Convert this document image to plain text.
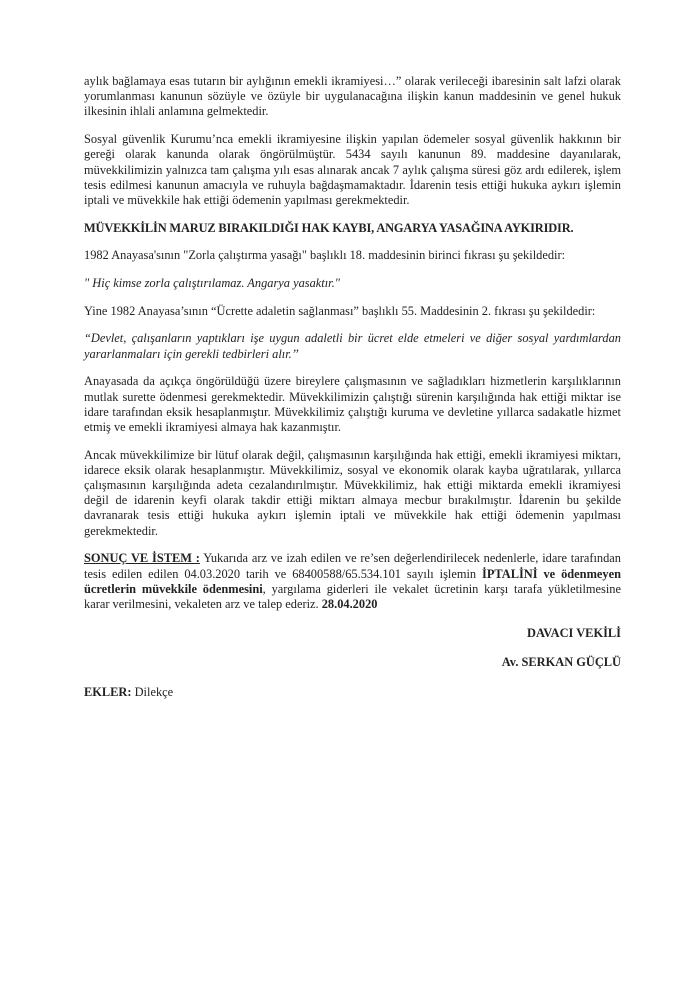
aylık bağlamaya esas tutarın bir aylığının emekli ikramiyesi…” olarak verileceği ibaresinin salt lafzi olarak yorumlanması kanunun sözüyle ve özüyle bir uygulanacağına ilişkin kanun maddesinin ve genel hukuk ilkesinin ihlali anlamına gelmektedir.

Sosyal güvenlik Kurumu’nca emekli ikramiyesine ilişkin yapılan ödemeler sosyal güvenlik hakkının bir gereği olarak kanunda olarak öngörülmüştür. 5434 sayılı kanunun 89. maddesine dayanılarak, müvekkilimizin yalnızca tam çalışma yılı esas alınarak ancak 7 aylık çalışma süresi göz ardı edilerek, işlem tesis edilmesi kanunun amacıyla ve ruhuyla bağdaşmamaktadır. İdarenin tesis ettiği hukuka aykırı işlemin iptali ve müvekkile hak ettiği ödemenin yapılması gerekmektedir.

MÜVEKKİLİN MARUZ BIRAKILDIĞI HAK KAYBI, ANGARYA YASAĞINA AYKIRIDIR.

1982 Anayasa'sının "Zorla çalıştırma yasağı" başlıklı 18. maddesinin birinci fıkrası şu şekildedir:

" Hiç kimse zorla çalıştırılamaz. Angarya yasaktır."

Yine 1982 Anayasa’sının “Ücrette adaletin sağlanması” başlıklı 55. Maddesinin 2. fıkrası şu şekildedir:

“Devlet, çalışanların yaptıkları işe uygun adaletli bir ücret elde etmeleri ve diğer sosyal yardımlardan yararlanmaları için gerekli tedbirleri alır.’’

Anayasada da açıkça öngörüldüğü üzere bireylere çalışmasının ve sağladıkları hizmetlerin karşılıklarının mutlak surette ödenmesi gerekmektedir. Müvekkilimizin çalıştığı sürenin karşılığında hak ettiği miktar ise idare tarafından eksik hesaplanmıştır. Müvekkilimiz çalıştığı kuruma ve devletine yıllarca sadakatle hizmet etmiş ve emekli ikramiyesi almaya hak kazanmıştır.

Ancak müvekkilimize bir lütuf olarak değil, çalışmasının karşılığında hak ettiği, emekli ikramiyesi miktarı, idarece eksik olarak hesaplanmıştır. Müvekkilimiz, sosyal ve ekonomik olarak kayba uğratılarak, yıllarca çalışmasının karşılığında adeta cezalandırılmıştır. Müvekkilimiz, hak ettiği miktarda emekli ikramiyesi değil de idarenin keyfi olarak takdir ettiği miktarı almaya mecbur bırakılmıştır. İdarenin bu şekilde davranarak tesis ettiği hukuka aykırı işlemin iptali ve müvekkile hak ettiği ödemenin yapılması gerekmektedir.

SONUÇ VE İSTEM : Yukarıda arz ve izah edilen ve re’sen değerlendirilecek nedenlerle, idare tarafından tesis edilen edilen 04.03.2020 tarih ve 68400588/65.534.101 sayılı işlemin İPTALİNİ ve ödenmeyen ücretlerin müvekkile ödenmesini, yargılama giderleri ile vekalet ücretinin karşı tarafa yükletilmesine karar verilmesini, vekaleten arz ve talep ederiz. 28.04.2020

DAVACI VEKİLİ

Av. SERKAN GÜÇLÜ

EKLER: Dilekçe
